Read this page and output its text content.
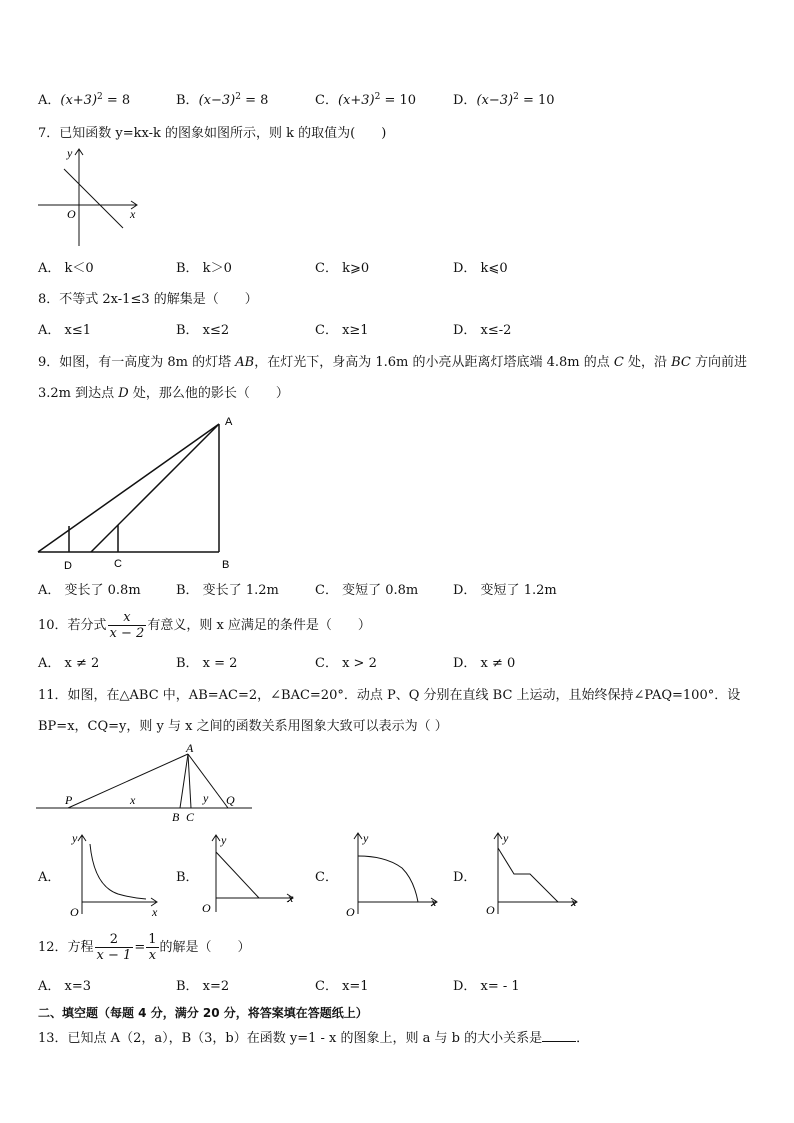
A．$(x+3)^2 = 8$	B．$(x-3)^2 = 8$	C．$(x+3)^2 = 10$	D．$(x-3)^2 = 10$
7．已知函数 y=kx-k 的图象如图所示，则 k 的取值为(　　)
y
x
O
A． k＜0	B． k＞0	C． k⩾0	D． k⩽0
8．不等式 2x-1≤3 的解集是（　　）
A． x≤1	B． x≤2	C． x≥1	D． x≤-2
9．如图，有一高度为 8m 的灯塔 AB，在灯光下，身高为 1.6m 的小亮从距离灯塔底端 4.8m 的点 C 处，沿 BC 方向前进
3.2m 到达点 D 处，那么他的影长（　　）
A
B
C
D
A． 变长了 0.8m	B． 变长了 1.2m	C． 变短了 0.8m	D． 变短了 1.2m
10．若分式 $\frac{x}{x - 2}$ 有意义，则 x 应满足的条件是（　　）
A． x ≠ 2	B． x = 2	C． x > 2	D． x ≠ 0
11．如图，在△ABC 中，AB=AC=2，∠BAC=20°．动点 P、Q 分别在直线 BC 上运动，且始终保持∠PAQ=100°．设
BP=x，CQ=y，则 y 与 x 之间的函数关系用图象大致可以表示为（ ）
A
P
B C
Q
x	y
A．
y
x
O
B．
y
x
O
C．
y
x
O
D．
y
x
O
12．方程 $\frac{2}{x - 1} = \frac{1}{x}$ 的解是（　　）
A． x=3	B． x=2	C． x=1	D． x= - 1
二、填空题（每题 4 分，满分 20 分，将答案填在答题纸上）
13．已知点 A（2，a），B（3，b）在函数 y=1 - x 的图象上，则 a 与 b 的大小关系是	．
